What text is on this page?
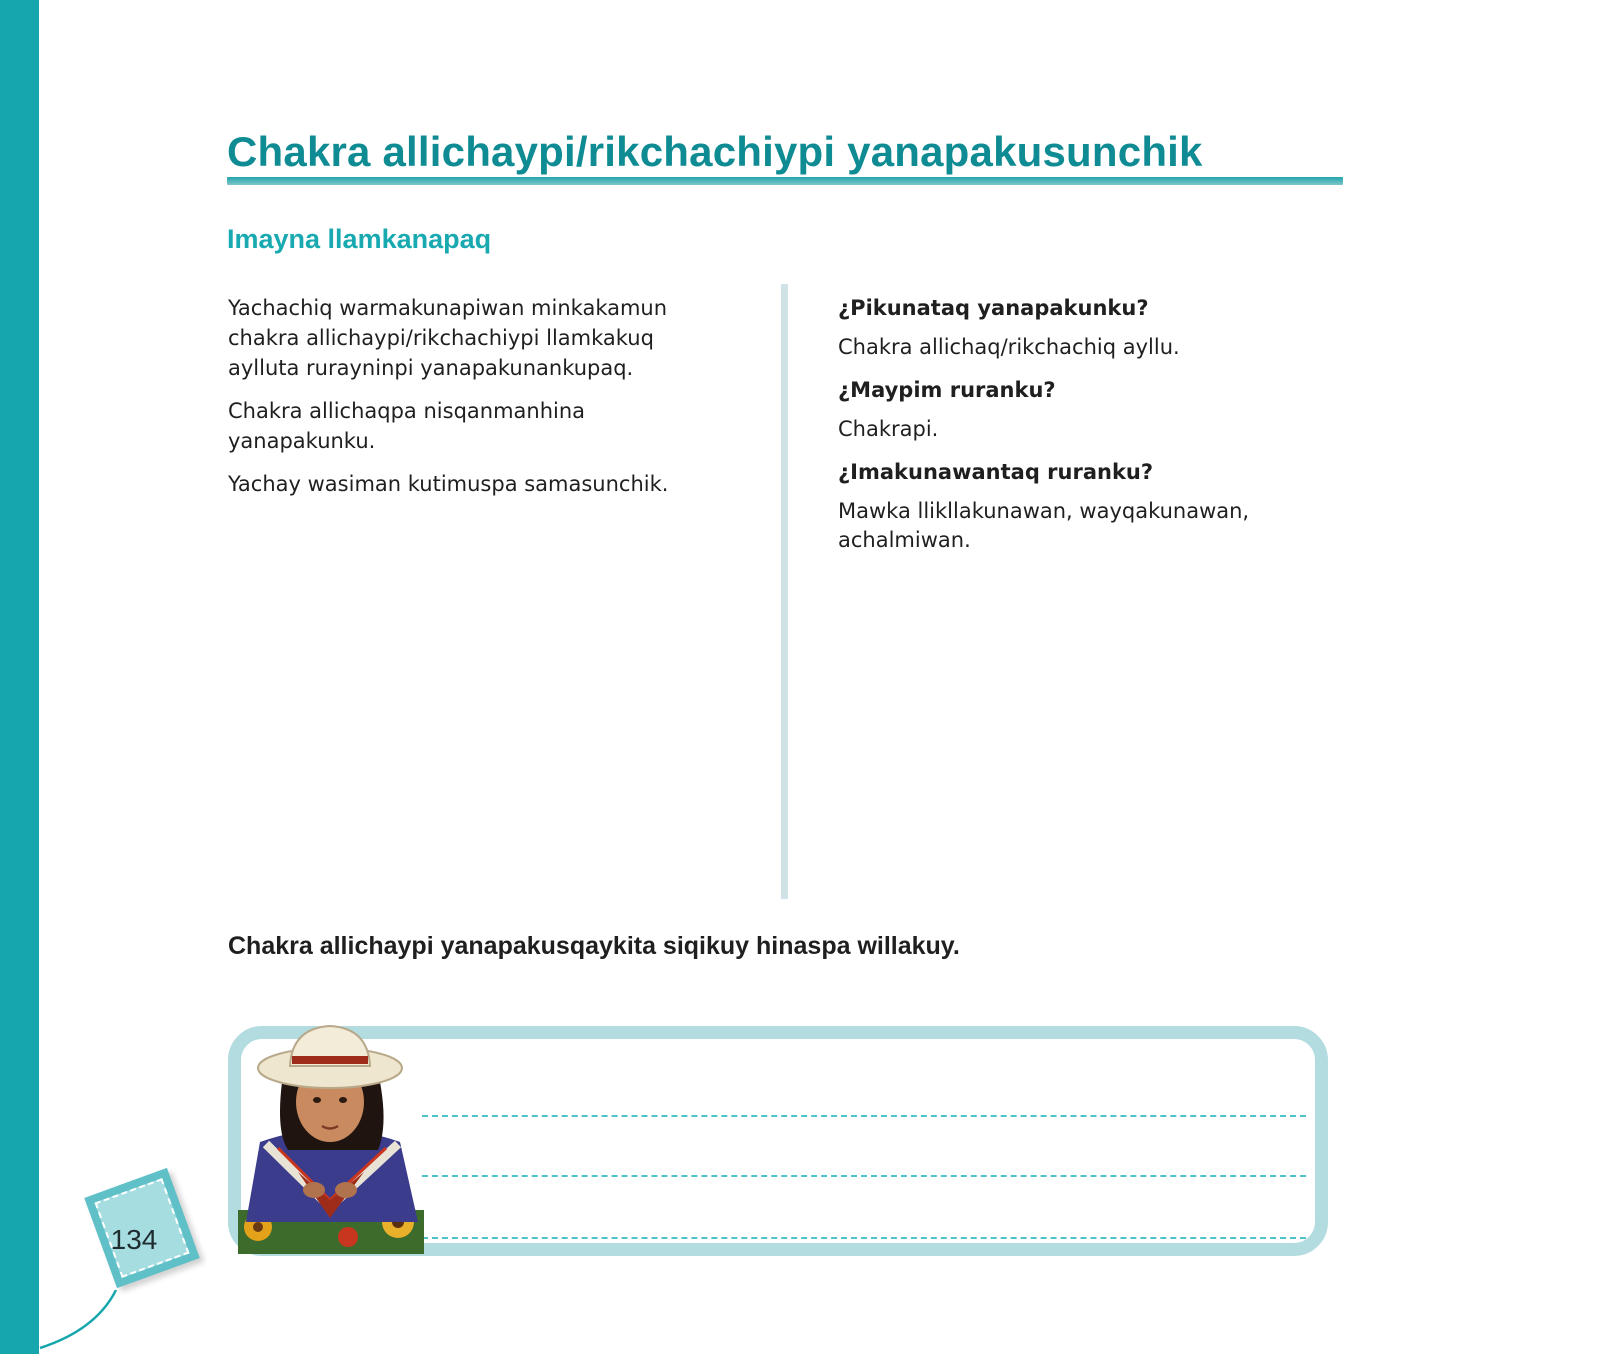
Chakra allichaypi/rikchachiypi yanapakusunchik
Imayna llamkanapaq

Yachachiq warmakunapiwan minkakamun chakra allichaypi/rikchachiypi llamkakuq aylluta rurayninpi yanapakunankupaq.

Chakra allichaqpa nisqanmanhina yanapakunku.

Yachay wasiman kutimuspa samasunchik.

¿Pikunataq yanapakunku?

Chakra allichaq/rikchachiq ayllu.

¿Maypim ruranku?

Chakrapi.

¿Imakunawantaq ruranku?

Mawka llikllakunawan, wayqakunawan, achalmiwan.

Chakra allichaypi yanapakusqaykita siqikuy hinaspa willakuy.

134
